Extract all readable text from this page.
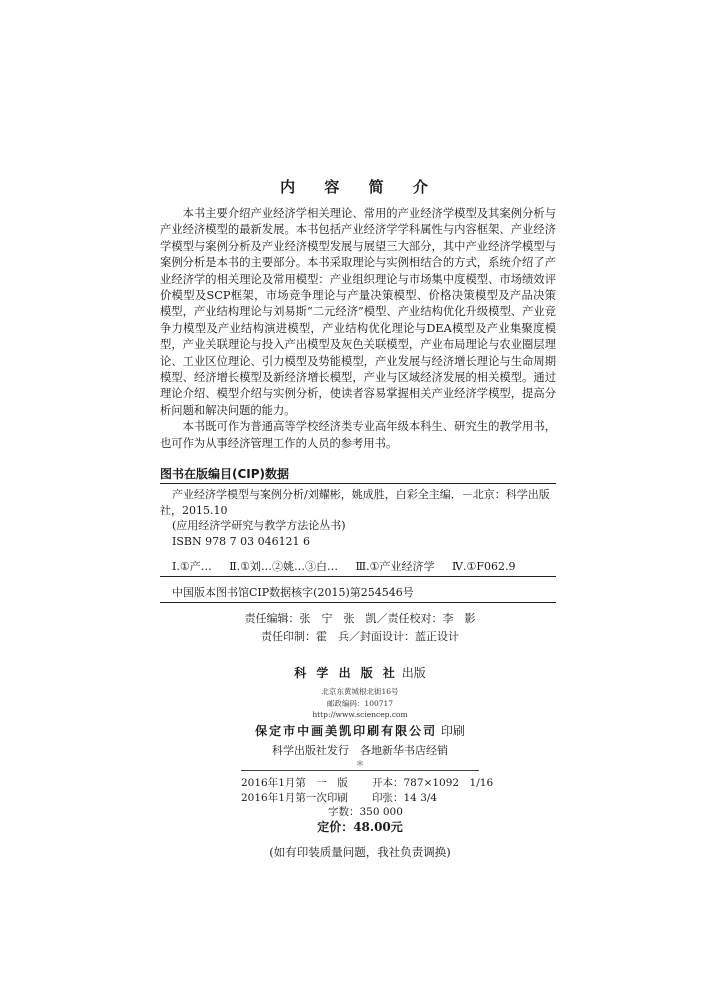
内 容 简 介

本书主要介绍产业经济学相关理论、常用的产业经济学模型及其案例分析与产业经济模型的最新发展。本书包括产业经济学学科属性与内容框架、产业经济学模型与案例分析及产业经济模型发展与展望三大部分，其中产业经济学模型与案例分析是本书的主要部分。本书采取理论与实例相结合的方式，系统介绍了产业经济学的相关理论及常用模型：产业组织理论与市场集中度模型、市场绩效评价模型及SCP框架，市场竞争理论与产量决策模型、价格决策模型及产品决策模型，产业结构理论与刘易斯“二元经济”模型、产业结构优化升级模型、产业竞争力模型及产业结构演进模型，产业结构优化理论与DEA模型及产业集聚度模型，产业关联理论与投入产出模型及灰色关联模型，产业布局理论与农业圈层理论、工业区位理论、引力模型及势能模型，产业发展与经济增长理论与生命周期模型、经济增长模型及新经济增长模型，产业与区域经济发展的相关模型。通过理论介绍、模型介绍与实例分析，使读者容易掌握相关产业经济学模型，提高分析问题和解决问题的能力。

本书既可作为普通高等学校经济类专业高年级本科生、研究生的教学用书，也可作为从事经济管理工作的人员的参考用书。

图书在版编目(CIP)数据
产业经济学模型与案例分析/刘耀彬，姚成胜，白彩全主编．－北京：科学出版社，2015.10
(应用经济学研究与教学方法论丛书)
ISBN 978 7 03 046121 6
Ⅰ.①产… Ⅱ.①刘…②姚…③白… Ⅲ.①产业经济学 Ⅳ.①F062.9
中国版本图书馆CIP数据核字(2015)第254546号
责任编辑：张　宁　张　凯／责任校对：李　影
责任印制：霍　兵／封面设计：蓝正设计
科 学 出 版 社 出版
北京东黄城根北街16号
邮政编码：100717
http://www.sciencep.com
保定市中画美凯印刷有限公司 印刷
科学出版社发行　各地新华书店经销
＊
2016年1月第　一　版 开本：787×1092　1/16
2016年1月第一次印刷 印张：14 3/4
字数：350 000
定价：48.00元
(如有印装质量问题，我社负责调换)
